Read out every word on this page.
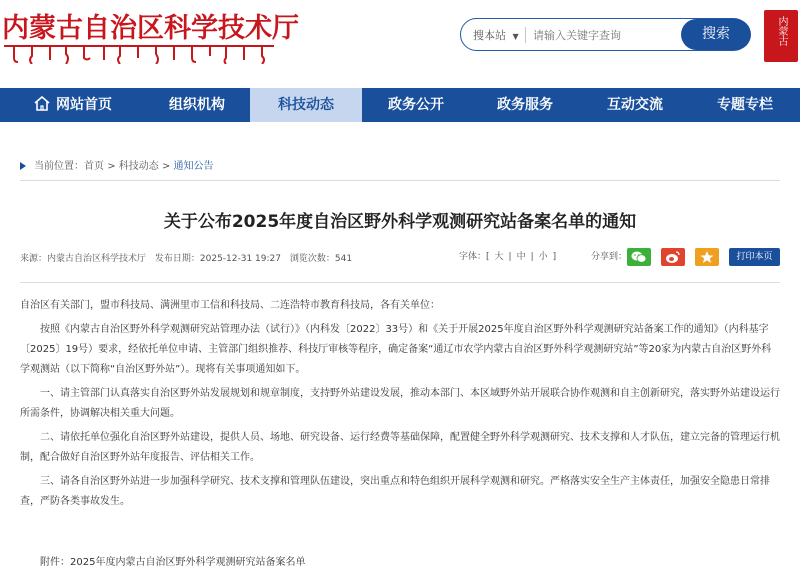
内蒙古自治区科学技术厅	搜本站 ▼
请输入关键字查询	搜索	内蒙古
网站首页	组织机构	科技动态	政务公开	政务服务	互动交流	专题专栏
当前位置：首页 > 科技动态 > 通知公告
关于公布2025年度自治区野外科学观测研究站备案名单的通知
来源：内蒙古自治区科学技术厅 发布日期：2025-12-31 19:27 浏览次数：541	字体：[ 大 | 中 | 小 ]	分享到：	打印本页

自治区有关部门，盟市科技局、满洲里市工信和科技局、二连浩特市教育科技局，各有关单位：

按照《内蒙古自治区野外科学观测研究站管理办法（试行）》（内科发〔2022〕33号）和《关于开展2025年度自治区野外科学观测研究站备案工作的通知》（内科基字〔2025〕19号）要求，经依托单位申请、主管部门组织推荐、科技厅审核等程序，确定备案“通辽市农学内蒙古自治区野外科学观测研究站”等20家为内蒙古自治区野外科学观测站（以下简称“自治区野外站”）。现将有关事项通知如下。

一、请主管部门认真落实自治区野外站发展规划和规章制度，支持野外站建设发展，推动本部门、本区域野外站开展联合协作观测和自主创新研究，落实野外站建设运行所需条件，协调解决相关重大问题。

二、请依托单位强化自治区野外站建设，提供人员、场地、研究设备、运行经费等基础保障，配置健全野外科学观测研究、技术支撑和人才队伍，建立完备的管理运行机制，配合做好自治区野外站年度报告、评估相关工作。

三、请各自治区野外站进一步加强科学研究、技术支撑和管理队伍建设，突出重点和特色组织开展科学观测和研究。严格落实安全生产主体责任，加强安全隐患日常排查，严防各类事故发生。

附件：2025年度内蒙古自治区野外科学观测研究站备案名单
